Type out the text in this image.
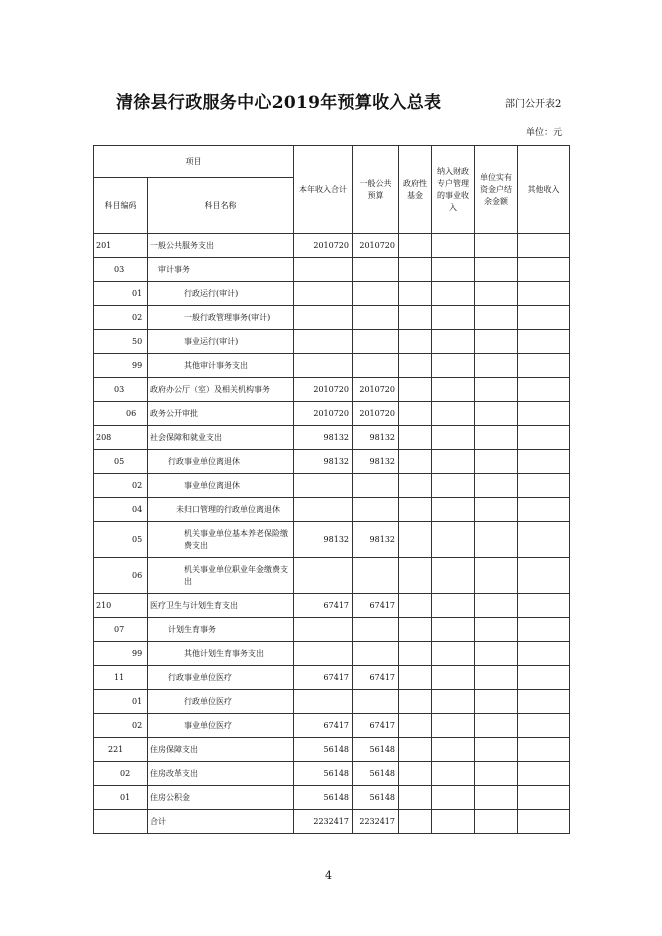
清徐县行政服务中心2019年预算收入总表	部门公开表2
单位：元
项目		本年收入合计	一般公共预算	政府性基金	纳入财政专户管理的事业收入	单位实有资金户结余金额	其他收入
科目编码	科目名称						
201	一般公共服务支出	2010720	2010720				
03	审计事务						
01	行政运行(审计)						
02	一般行政管理事务(审计)						
50	事业运行(审计)						
99	其他审计事务支出						
03	政府办公厅（室）及相关机构事务	2010720	2010720				
06	政务公开审批	2010720	2010720				
208	社会保障和就业支出	98132	98132				
05	行政事业单位离退休	98132	98132				
02	事业单位离退休						
04	未归口管理的行政单位离退休						
05	机关事业单位基本养老保险缴费支出	98132	98132				
06	机关事业单位职业年金缴费支出						
210	医疗卫生与计划生育支出	67417	67417				
07	计划生育事务						
99	其他计划生育事务支出						
11	行政事业单位医疗	67417	67417				
01	行政单位医疗						
02	事业单位医疗	67417	67417				
221	住房保障支出	56148	56148				
02	住房改革支出	56148	56148				
01	住房公积金	56148	56148				
	合计	2232417	2232417				
4
